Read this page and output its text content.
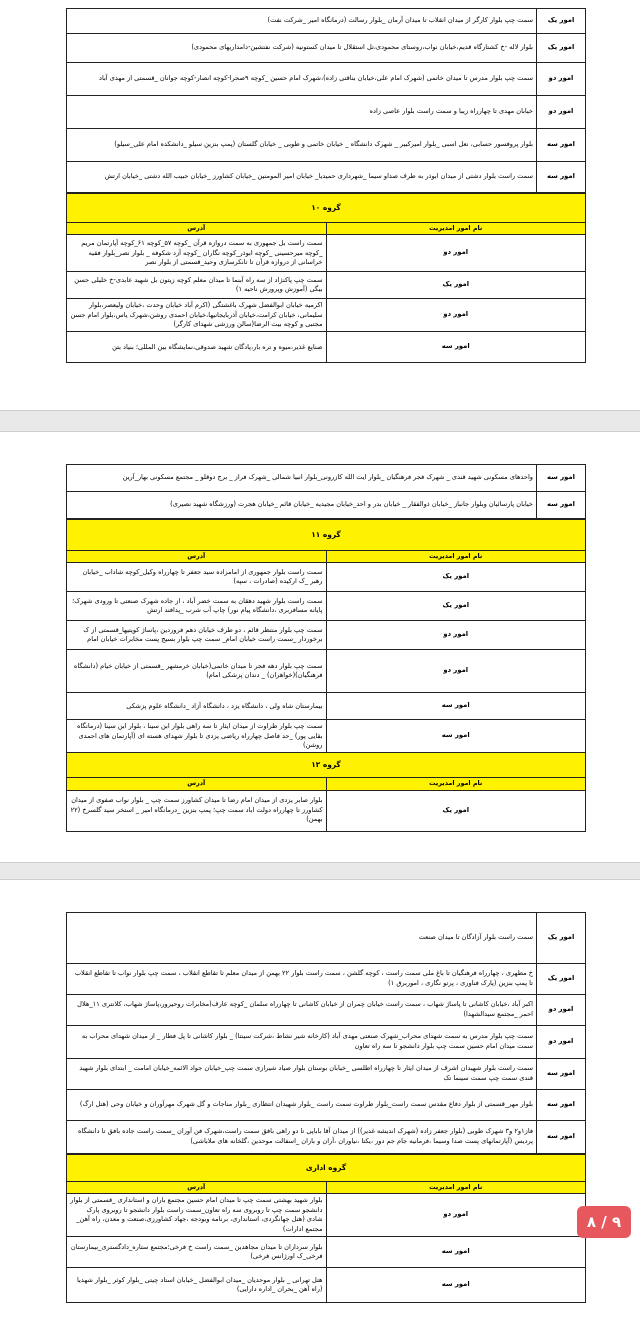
امور یک	سمت چپ بلوار کارگر از میدان انقلاب تا میدان آرمان _بلوار رسالت (درمانگاه امیر _شرکت نفت)
امور یک	بلوار لاله -خ کشتارگاه قدیم،خیابان نواب،روستای محمودی،تل استقلال تا میدان کستونیه (شرکت نفتشین-دامداریهای محمودی)
امور دو	سمت چپ بلوار مدرس تا میدان خاتمی (شهرک امام علی،خیابان بناقتی زاده)،شهرک امام حسین _کوچه ۹صحرا-کوچه انصار-کوچه جوانان _قسمتی از مهدی آباد
امور دو	خیابان مهدی تا چهارراه زیبا و سمت راست بلوار عاصی زاده
امور سه	بلوار پروفسور حسابی، نعل اسبی _بلوار امیرکبیر _ شهرک دانشگاه _ خیابان خاتمی و طوبی _ خیابان گلستان (پمپ بنزین سیلو _دانشکده امام علی_سیلو)
امور سه	سمت راست بلوار دشتی از میدان ابوذر به طرف صداو سیما _شهرداری حمیدیا_ خیابان امیر المومنین _خیابان کشاورز _خیابان حبیب الله دشتی _خیابان ارتش
گروه ۱۰	
نام امور امدیریت	آدرس
امور دو	سمت راست بل جمهوری به سمت دروازه قرآن _کوچه ۵۷_کوچه ۶۱_کوچه آپارتمان مریم _کوچه میرحسینی _کوچه ابوذر_کوچه نگاران _کوچه آزد شکوفه _ بلوار نصر_بلوار فقیه خراسانی از دروازه قرآن تا تانکرسازی وحید_قسمتی از بلوار نصر
امور یک	سمت چپ پاکنژاد از سه راه آبنما تا میدان معلم کوچه زیتون بل شهید عابدی-خ خلیلی حسن بیگی (آموزش وپرورش ناحیه ۱)
امور دو	اکرمیه خیابان ابوالفضل شهرک باغشتگی (اکرم آباد خیابان وحدت ،خیابان ولیعصر،بلوار سلیمانی، خیابان کرامت،خیابان آذربایجانیها،خیابان احمدی روشن،شهرک یاس،بلوار امام حسن مجتبی و کوچه بیت الرضا(سالن ورزشی شهدای کارگر)
امور سه	صنایع غذیر،میوه و تره بار،پادگان شهید صدوقی،نمایشگاه بین المللی؛ بنیاد بتن
امور سه	واحدهای مسکونی شهید قندی _ شهرک فجر فرهنگیان _بلوار ایت الله کازرونی_بلوار انبیا شمالی _شهرک فراز _ برج دوقلو _ مجتمع مسکونی بهار_آرین
امور سه	خیابان پارسائیان وبلوار جانباز _خیابان ذوالفقار _ خیابان بدر و احد_خیابان مجیدیه _خیابان قائم _خیابان هجرت (ورزشگاه شهید نصیری)
گروه ۱۱	
نام امور امدیریت	آدرس
امور یک	سمت راست بلوار جمهوری از امامزاده سید جعفر تا چهارراه وکیل_کوچه شاداب _خیابان رهبر _ک ارکیده (صادرات ، سپه)
امور یک	سمت راست بلوار شهید دهقان به سمت خضر آباد ، از جاده شهرک صنعتی تا ورودی شهرک؛ پایانه مسافربری ،دانشگاه پیام نور) چاپ آب شرب _پدافند ارتش
امور دو	سمت چپ بلوار منتظر قائم ، دو طرف خیابان دهم فروردین ،پاساژ کویتیها_قسمتی از ک برخوردار _سمت راست خیابان امام_ سمت چپ بلوار بسیج پست مخابرات خیابان امام
امور دو	سمت چپ بلوار دهه فجر تا میدان خاتمی(خیابان خرمشهر _قسمتی از خیابان خیام (دانشگاه فرهنگیان)(خواهران) _ دندان پزشکی امام)
امور سه	بیمارستان شاه ولی ، دانشگاه یزد ، دانشگاه آزاد _دانشگاه علوم پزشکی
امور سه	سمت چپ بلوار طراوت از میدان ایثار تا سه راهی بلوار ابن سینا ، بلوار ابن سینا (درمانگاه بقایی پور) _حد فاصل چهارراه ریاضی یزدی تا بلوار شهدای هسته ای (آپارتمان های احمدی روشن)
گروه ۱۲	
نام امور امدیریت	آدرس
امور یک	بلوار صابر یزدی از میدان امام رضا تا میدان کشاورز سمت چپ _ بلوار نواب صفوی از میدان کشاورز تا چهارراه دولت اباد سمت چپ؛ پمپ بنزین _درمانگاه امیر _ استخر سید گلسرخ (۲۲ بهمن)
امور یک	سمت راست بلوار آزادگان تا میدان صنعت
امور یک	خ مطهری ، چهارراه فرهنگیان تا باغ ملی سمت راست ، کوچه گلشن ، سمت راست بلوار ۲۲ بهمن از میدان معلم تا تقاطع انقلاب ، سمت چپ بلوار نواب تا تقاطع انقلاب تا پمپ بنزین (پارک فناوری ، پرتو نگاری ، اموربرق ۱)
امور دو	اکبر آباد ،خیابان کاشانی تا پاساژ شهاب ، سمت راست خیابان چمران از خیابان کاشانی تا چهارراه سلمان _کوچه عارف(مخابرات روحیرور،پاساژ شهاب، کلانتری ۱۱_هلال احمر _مجتمع سیدالشهدا)
امور دو	سمت چپ بلوار مدرس به سمت شهدای محراب_شهرک صنعتی مهدی آباد (کارخانه شیر نشاط ،شرکت سینتا) _ بلوار کاشانی تا پل فطار _ از میدان شهدای محراب به سمت میدان امام حسین سمت چپ بلوار دانشجو تا سه راه تعاون
امور سه	سمت راست بلوار شهیدان اشرف از میدان ایثار تا چهارراه اطلسی _خیابان بوستان بلوار صیاد شیرازی سمت چپ_خیابان جواد الائمه_خیابان امامت _ ابتدای بلوار شهید قندی سمت چپ سمت سینما تک
امور سه	بلوار مهر_قسمتی از بلوار دفاع مقدس سمت راست_بلوار طراوت سمت راست _بلوار شهیدان انتظاری _بلوار مناجات و گل شهرک مهرآوران و خیابان وحی (هتل ارگ)
امور سه	فاز۱و۲ و۳ شهرک طوبی (بلوار جعفر زاده (شهرک اندیشه غدیر)) از میدان آقا باباپی تا دو راهی بافق سمت راست،شهرک فن آوران _سمت راست جاده بافق تا دانشگاه پردیس (آپارتمانهای پست صدا وسیما ،فرمانیه جام جم دور ،یکتا ،نیاوران ،آران و باران _اسفالت موحدین ،گلخانه های ملاباشی)
گروه اداری	
نام امور امدیریت	آدرس
امور دو	بلوار شهید بهشتی سمت چپ تا میدان امام حسین مجتمع باران و استانداری _قسمتی از بلوار دانشجو سمت چپ تا روبروی سه راه تعاون_سمت راست بلوار دانشجو تا روبروی پارک شادی (هتل جهانگردی، استانداری، برنامه وبودجه ،جهاد کشاورزی،صنعت و معدن، راه آهن_ مجتمع ادارات)
امور سه	بلوار سرداران تا میدان مجاهدین _سمت راست خ فرخی؛مجتمع ستاره_دادگستری_بیمارستان فرخی_ک اورژانس فرخی)
امور سه	هتل تهرانی _ بلوار موحدیان _میدان ابوالفضل _خیابان استاد چیتی _بلوار کوثر _بلوار شهدیا (راه آهن _بحران _اداره دارایی)
۸ / ۹
